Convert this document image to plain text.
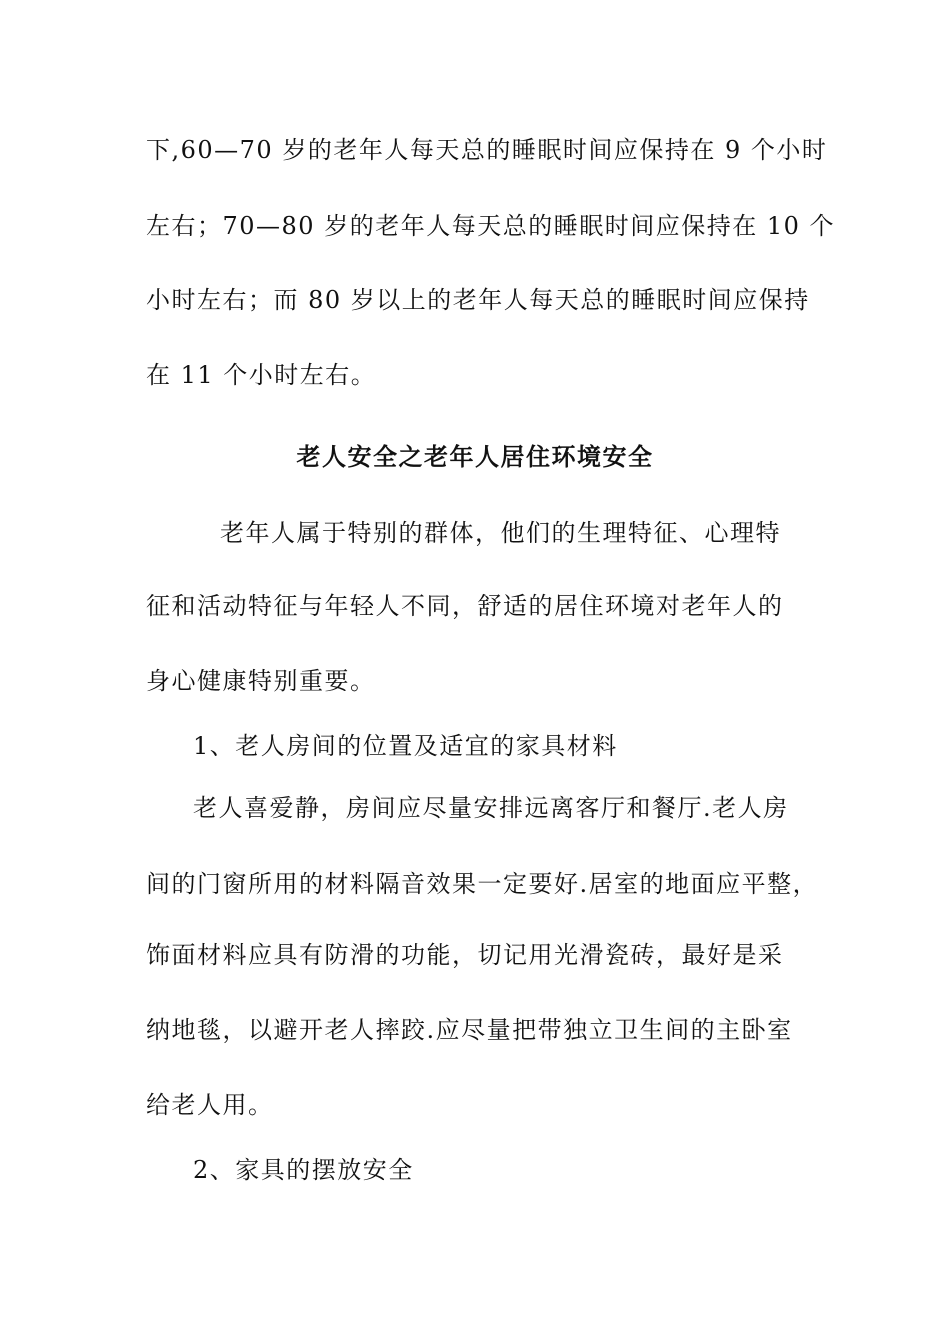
下,60—70 岁的老年人每天总的睡眠时间应保持在 9 个小时
左右；70—80 岁的老年人每天总的睡眠时间应保持在 10 个
小时左右；而 80 岁以上的老年人每天总的睡眠时间应保持
在 11 个小时左右。
老人安全之老年人居住环境安全
老年人属于特别的群体，他们的生理特征、心理特
征和活动特征与年轻人不同，舒适的居住环境对老年人的
身心健康特别重要。
1、老人房间的位置及适宜的家具材料
老人喜爱静，房间应尽量安排远离客厅和餐厅.老人房
间的门窗所用的材料隔音效果一定要好.居室的地面应平整，
饰面材料应具有防滑的功能，切记用光滑瓷砖，最好是采
纳地毯，以避开老人摔跤.应尽量把带独立卫生间的主卧室
给老人用。
2、家具的摆放安全
